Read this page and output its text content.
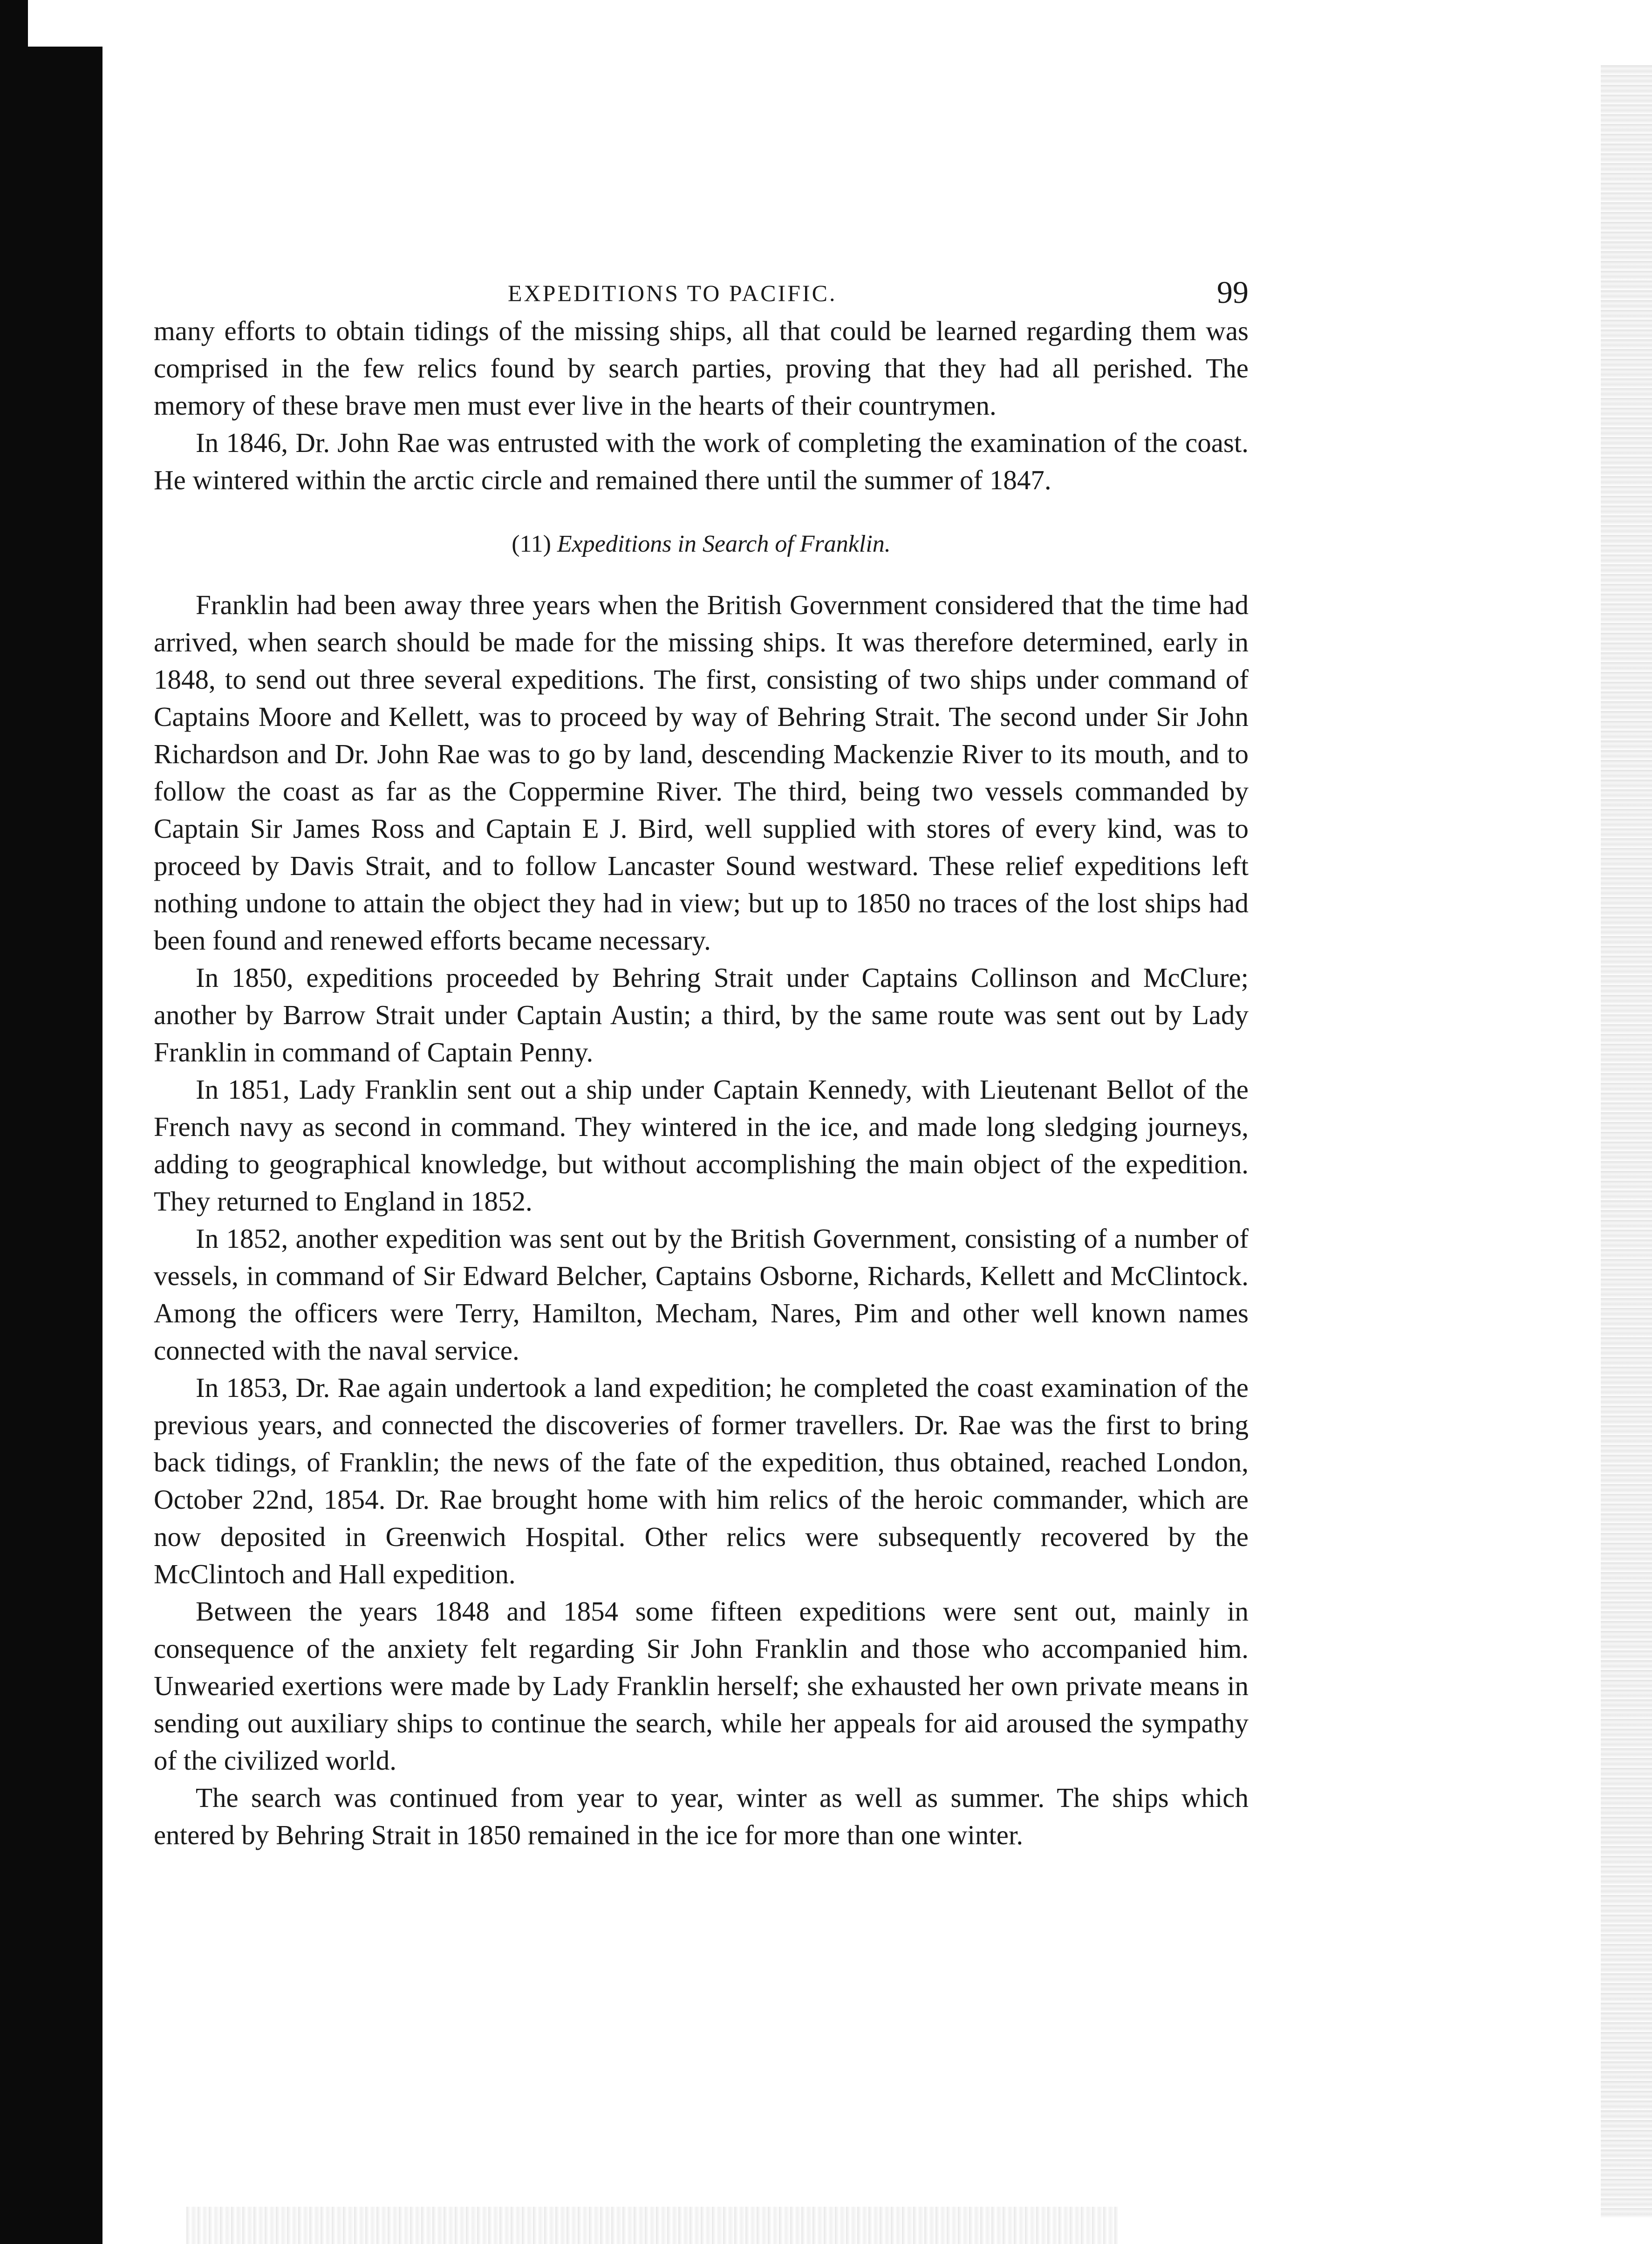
EXPEDITIONS TO PACIFIC.	99

many efforts to obtain tidings of the missing ships, all that could be learned regarding them was comprised in the few relics found by search parties, proving that they had all perished. The memory of these brave men must ever live in the hearts of their countrymen.

In 1846, Dr. John Rae was entrusted with the work of completing the examination of the coast. He wintered within the arctic circle and remained there until the summer of 1847.

(11) Expeditions in Search of Franklin.

Franklin had been away three years when the British Government considered that the time had arrived, when search should be made for the missing ships. It was therefore determined, early in 1848, to send out three several expeditions. The first, consisting of two ships under command of Captains Moore and Kellett, was to proceed by way of Behring Strait. The second under Sir John Richardson and Dr. John Rae was to go by land, descending Mackenzie River to its mouth, and to follow the coast as far as the Coppermine River. The third, being two vessels commanded by Captain Sir James Ross and Captain E J. Bird, well supplied with stores of every kind, was to proceed by Davis Strait, and to follow Lancaster Sound westward. These relief expeditions left nothing undone to attain the object they had in view; but up to 1850 no traces of the lost ships had been found and renewed efforts became necessary.

In 1850, expeditions proceeded by Behring Strait under Captains Collinson and McClure; another by Barrow Strait under Captain Austin; a third, by the same route was sent out by Lady Franklin in command of Captain Penny.

In 1851, Lady Franklin sent out a ship under Captain Kennedy, with Lieutenant Bellot of the French navy as second in command. They wintered in the ice, and made long sledging journeys, adding to geographical knowledge, but without accomplishing the main object of the expedition. They returned to England in 1852.

In 1852, another expedition was sent out by the British Government, consisting of a number of vessels, in command of Sir Edward Belcher, Captains Osborne, Richards, Kellett and McClintock. Among the officers were Terry, Hamilton, Mecham, Nares, Pim and other well known names connected with the naval service.

In 1853, Dr. Rae again undertook a land expedition; he completed the coast examination of the previous years, and connected the discoveries of former travellers. Dr. Rae was the first to bring back tidings, of Franklin; the news of the fate of the expedition, thus obtained, reached London, October 22nd, 1854. Dr. Rae brought home with him relics of the heroic commander, which are now deposited in Greenwich Hospital. Other relics were subsequently recovered by the McClintoch and Hall expedition.

Between the years 1848 and 1854 some fifteen expeditions were sent out, mainly in consequence of the anxiety felt regarding Sir John Franklin and those who accompanied him. Unwearied exertions were made by Lady Franklin herself; she exhausted her own private means in sending out auxiliary ships to continue the search, while her appeals for aid aroused the sympathy of the civilized world.

The search was continued from year to year, winter as well as summer. The ships which entered by Behring Strait in 1850 remained in the ice for more than one winter.
